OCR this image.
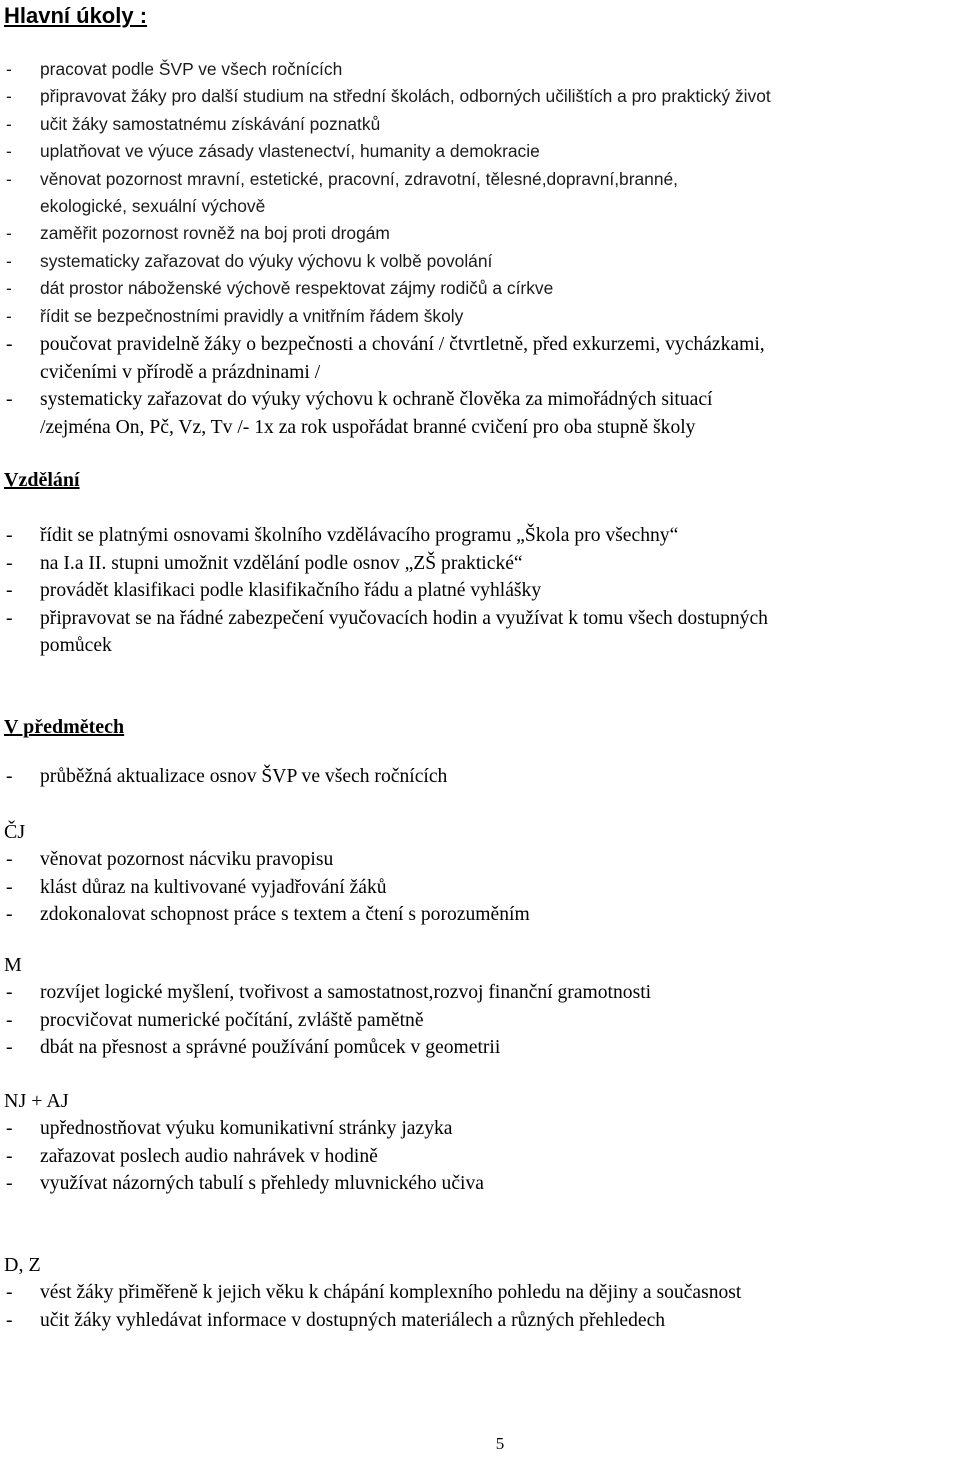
Hlavní úkoly :
- pracovat podle ŠVP ve všech ročnících
- připravovat žáky pro další studium na střední školách, odborných učilištích a pro praktický život
- učit žáky samostatnému získávání poznatků
- uplatňovat ve výuce zásady vlastenectví, humanity a demokracie
- věnovat pozornost mravní, estetické, pracovní, zdravotní, tělesné,dopravní,branné,
ekologické, sexuální výchově
- zaměřit pozornost rovněž na boj proti drogám
- systematicky zařazovat do výuky výchovu k volbě povolání
- dát prostor náboženské výchově respektovat zájmy rodičů a církve
- řídit se bezpečnostními pravidly a vnitřním řádem školy
- poučovat pravidelně žáky o bezpečnosti a chování / čtvrtletně, před exkurzemi, vycházkami,
cvičeními v přírodě a prázdninami /
- systematicky zařazovat do výuky výchovu k ochraně člověka za mimořádných situací
/zejména On, Pč, Vz, Tv /- 1x za rok uspořádat branné cvičení pro oba stupně školy
Vzdělání
- řídit se platnými osnovami školního vzdělávacího programu „Škola pro všechny“
- na I.a II. stupni umožnit vzdělání podle osnov „ZŠ praktické“
- provádět klasifikaci podle klasifikačního řádu a platné vyhlášky
- připravovat se na řádné zabezpečení vyučovacích hodin a využívat k tomu všech dostupných
pomůcek
V předmětech
- průběžná aktualizace osnov ŠVP ve všech ročnících

ČJ

- věnovat pozornost nácviku pravopisu
- klást důraz na kultivované vyjadřování žáků
- zdokonalovat schopnost práce s textem a čtení s porozuměním

M

- rozvíjet logické myšlení, tvořivost a samostatnost,rozvoj finanční gramotnosti
- procvičovat numerické počítání, zvláště pamětně
- dbát na přesnost a správné používání pomůcek v geometrii

NJ + AJ

- upřednostňovat výuku komunikativní stránky jazyka
- zařazovat poslech audio nahrávek v hodině
- využívat názorných tabulí s přehledy mluvnického učiva

D, Z

- vést žáky přiměřeně k jejich věku k chápání komplexního pohledu na dějiny a současnost
- učit žáky vyhledávat informace v dostupných materiálech a různých přehledech
5
